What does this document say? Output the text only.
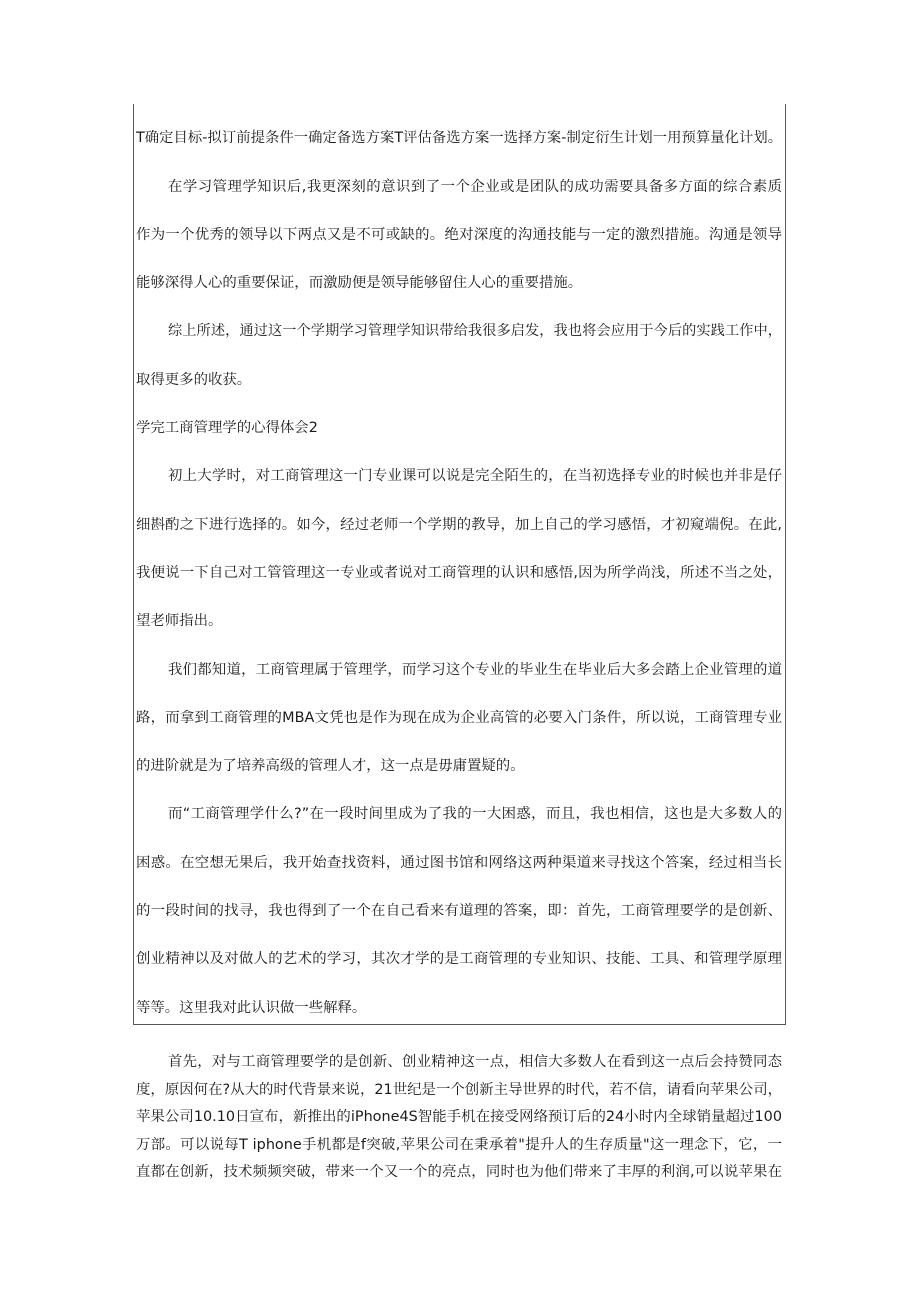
T确定目标-拟订前提条件一确定备选方案T评估备选方案一选择方案-制定衍生计划一用预算量化计划。
在学习管理学知识后,我更深刻的意识到了一个企业或是团队的成功需要具备多方面的综合素质
作为一个优秀的领导以下两点又是不可或缺的。绝对深度的沟通技能与一定的激烈措施。沟通是领导
能够深得人心的重要保证，而激励便是领导能够留住人心的重要措施。
综上所述，通过这一个学期学习管理学知识带给我很多启发，我也将会应用于今后的实践工作中，
取得更多的收获。
学完工商管理学的心得体会2
初上大学时，对工商管理这一门专业课可以说是完全陌生的，在当初选择专业的时候也并非是仔
细斟酌之下进行选择的。如今，经过老师一个学期的教导，加上自己的学习感悟，才初窥端倪。在此,
我便说一下自己对工管管理这一专业或者说对工商管理的认识和感悟,因为所学尚浅，所述不当之处，
望老师指出。
我们都知道，工商管理属于管理学，而学习这个专业的毕业生在毕业后大多会踏上企业管理的道
路，而拿到工商管理的MBA文凭也是作为现在成为企业高管的必要入门条件，所以说，工商管理专业
的进阶就是为了培养高级的管理人才，这一点是毋庸置疑的。
而“工商管理学什么?”在一段时间里成为了我的一大困惑，而且，我也相信，这也是大多数人的
困惑。在空想无果后，我开始查找资料，通过图书馆和网络这两种渠道来寻找这个答案，经过相当长
的一段时间的找寻，我也得到了一个在自己看来有道理的答案，即：首先，工商管理要学的是创新、
创业精神以及对做人的艺术的学习，其次才学的是工商管理的专业知识、技能、工具、和管理学原理
等等。这里我对此认识做一些解释。
首先，对与工商管理要学的是创新、创业精神这一点，相信大多数人在看到这一点后会持赞同态
度，原因何在?从大的时代背景来说，21世纪是一个创新主导世界的时代，若不信，请看向苹果公司，
苹果公司10.10日宣布，新推出的iPhone4S智能手机在接受网络预订后的24小时内全球销量超过100
万部。可以说每T iphone手机都是f突破,苹果公司在秉承着"提升人的生存质量"这一理念下，它，一
直都在创新，技术频频突破，带来一个又一个的亮点，同时也为他们带来了丰厚的利润,可以说苹果在
